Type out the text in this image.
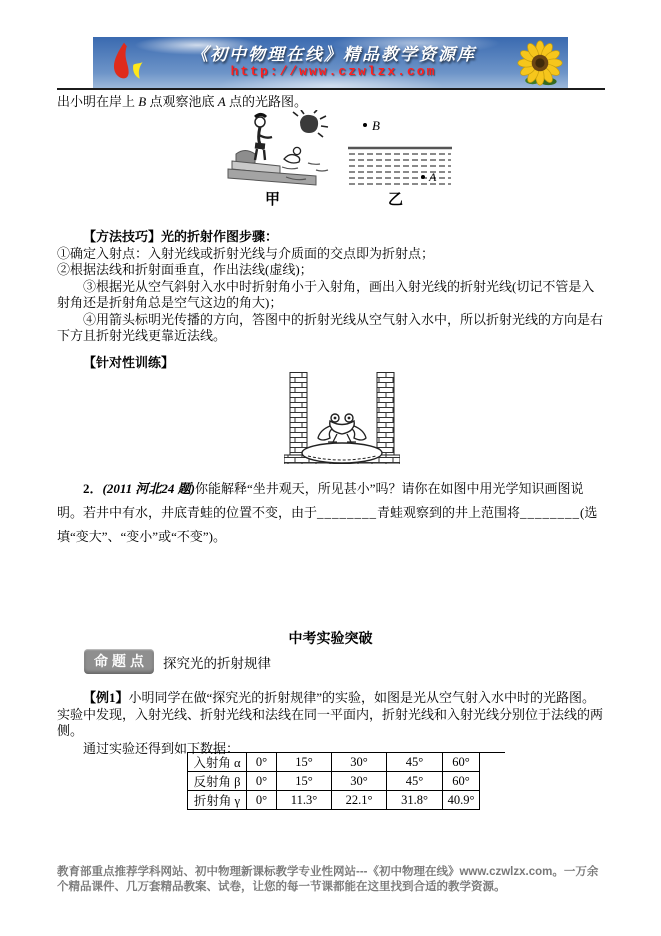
《初中物理在线》精品教学资源库
http://www.czwlzx.com

出小明在岸上 B 点观察池底 A 点的光路图。

甲
B
A
乙

【方法技巧】光的折射作图步骤：

①确定入射点：入射光线或折射光线与介质面的交点即为折射点；

②根据法线和折射面垂直，作出法线(虚线)；

③根据光从空气斜射入水中时折射角小于入射角，画出入射光线的折射光线(切记不管是入射角还是折射角总是空气这边的角大)；

④用箭头标明光传播的方向，答图中的折射光线从空气射入水中，所以折射光线的方向是右下方且折射光线更靠近法线。

【针对性训练】

2．(2011 河北24 题)你能解释“坐井观天，所见甚小”吗？请你在如图中用光学知识画图说明。若井中有水，井底青蛙的位置不变，由于________青蛙观察到的井上范围将________(选填“变大”、“变小”或“不变”)。

中考实验突破
命题点	探究光的折射规律

【例1】小明同学在做“探究光的折射规律”的实验，如图是光从空气射入水中时的光路图。实验中发现，入射光线、折射光线和法线在同一平面内，折射光线和入射光线分别位于法线的两侧。

通过实验还得到如下数据：

入射角 α	0°	15°	30°	45°	60°
反射角 β	0°	15°	30°	45°	60°
折射角 γ	0°	11.3°	22.1°	31.8°	40.9°
教育部重点推荐学科网站、初中物理新课标教学专业性网站---《初中物理在线》www.czwlzx.com。一万余个精品课件、几万套精品教案、试卷，让您的每一节课都能在这里找到合适的教学资源。
